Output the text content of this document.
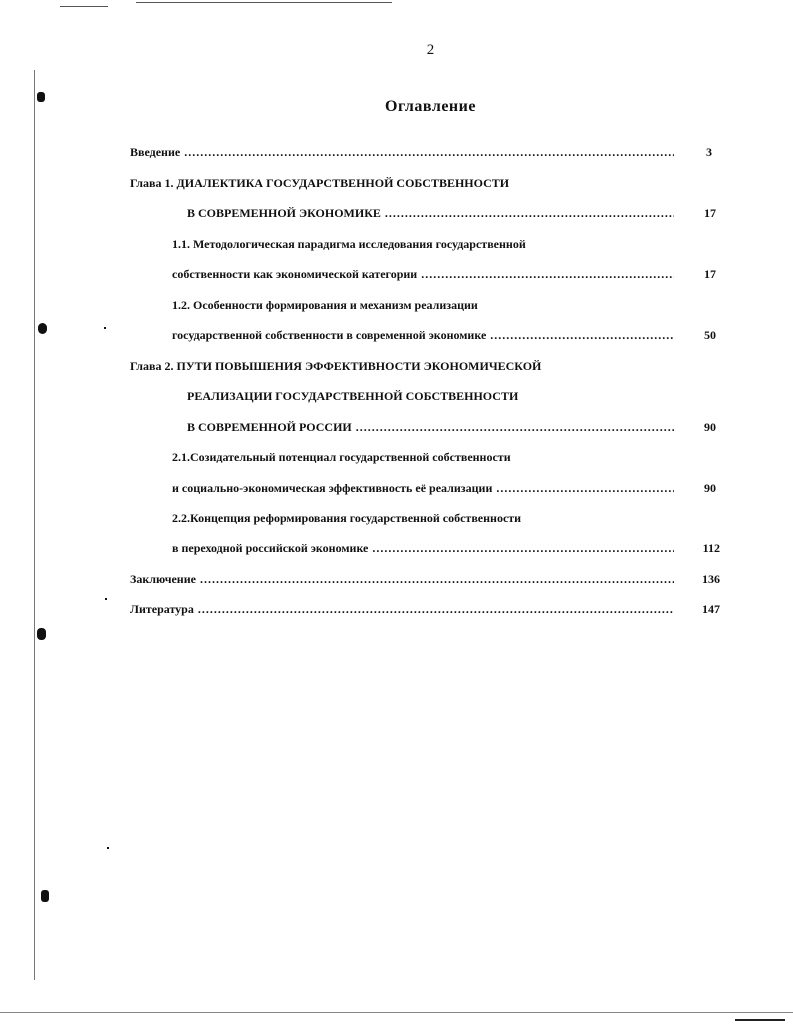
2
Оглавление
Введение .....	3
Глава 1. ДИАЛЕКТИКА ГОСУДАРСТВЕННОЙ СОБСТВЕННОСТИ
В СОВРЕМЕННОЙ ЭКОНОМИКЕ .....	17
1.1. Методологическая парадигма исследования государственной
собственности как экономической категории .....	17
1.2. Особенности формирования и механизм реализации
государственной собственности в современной экономике .....	50
Глава 2. ПУТИ ПОВЫШЕНИЯ ЭФФЕКТИВНОСТИ ЭКОНОМИЧЕСКОЙ
РЕАЛИЗАЦИИ ГОСУДАРСТВЕННОЙ СОБСТВЕННОСТИ
В СОВРЕМЕННОЙ РОССИИ .....	90
2.1.Созидательный потенциал государственной собственности
и социально-экономическая эффективность её реализации .....	90
2.2.Концепция реформирования государственной собственности
в переходной российской экономике .....	112
Заключение .....	136
Литература .....	147
